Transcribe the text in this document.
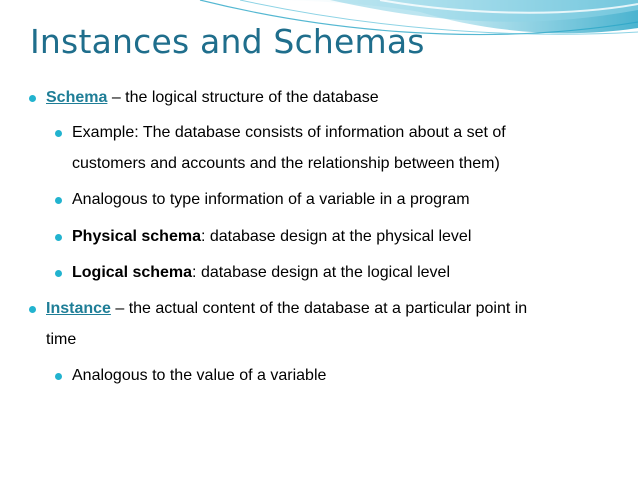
Instances and Schemas
Schema – the logical structure of the database
Example: The database consists of information about a set of
customers and accounts and the relationship between them)
Analogous to type information of a variable in a program
Physical schema: database design at the physical level
Logical schema: database design at the logical level
Instance – the actual content of the database at a particular point in
time
Analogous to the value of a variable
